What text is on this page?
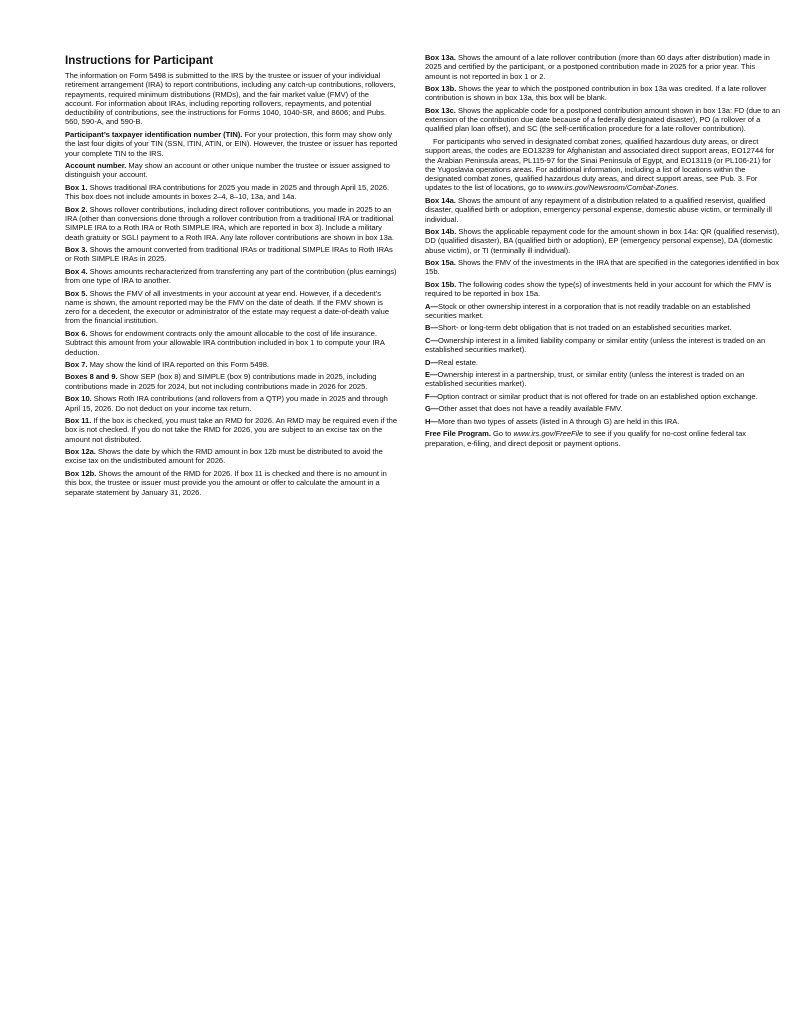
Instructions for Participant

The information on Form 5498 is submitted to the IRS by the trustee or issuer of your individual retirement arrangement (IRA) to report contributions, including any catch-up contributions, rollovers, repayments, required minimum distributions (RMDs), and the fair market value (FMV) of the account. For information about IRAs, including reporting rollovers, repayments, and potential deductibility of contributions, see the instructions for Forms 1040, 1040-SR, and 8606; and Pubs. 560, 590-A, and 590-B.

Participant’s taxpayer identification number (TIN). For your protection, this form may show only the last four digits of your TIN (SSN, ITIN, ATIN, or EIN). However, the trustee or issuer has reported your complete TIN to the IRS.

Account number. May show an account or other unique number the trustee or issuer assigned to distinguish your account.

Box 1. Shows traditional IRA contributions for 2025 you made in 2025 and through April 15, 2026. This box does not include amounts in boxes 2–4, 8–10, 13a, and 14a.

Box 2. Shows rollover contributions, including direct rollover contributions, you made in 2025 to an IRA (other than conversions done through a rollover contribution from a traditional IRA or traditional SIMPLE IRA to a Roth IRA or Roth SIMPLE IRA, which are reported in box 3). Include a military death gratuity or SGLI payment to a Roth IRA. Any late rollover contributions are shown in box 13a.

Box 3. Shows the amount converted from traditional IRAs or traditional SIMPLE IRAs to Roth IRAs or Roth SIMPLE IRAs in 2025.

Box 4. Shows amounts recharacterized from transferring any part of the contribution (plus earnings) from one type of IRA to another.

Box 5. Shows the FMV of all investments in your account at year end. However, if a decedent’s name is shown, the amount reported may be the FMV on the date of death. If the FMV shown is zero for a decedent, the executor or administrator of the estate may request a date-of-death value from the financial institution.

Box 6. Shows for endowment contracts only the amount allocable to the cost of life insurance. Subtract this amount from your allowable IRA contribution included in box 1 to compute your IRA deduction.

Box 7. May show the kind of IRA reported on this Form 5498.

Boxes 8 and 9. Show SEP (box 8) and SIMPLE (box 9) contributions made in 2025, including contributions made in 2025 for 2024, but not including contributions made in 2026 for 2025.

Box 10. Shows Roth IRA contributions (and rollovers from a QTP) you made in 2025 and through April 15, 2026. Do not deduct on your income tax return.

Box 11. If the box is checked, you must take an RMD for 2026. An RMD may be required even if the box is not checked. If you do not take the RMD for 2026, you are subject to an excise tax on the amount not distributed.

Box 12a. Shows the date by which the RMD amount in box 12b must be distributed to avoid the excise tax on the undistributed amount for 2026.

Box 12b. Shows the amount of the RMD for 2026. If box 11 is checked and there is no amount in this box, the trustee or issuer must provide you the amount or offer to calculate the amount in a separate statement by January 31, 2026.

Box 13a. Shows the amount of a late rollover contribution (more than 60 days after distribution) made in 2025 and certified by the participant, or a postponed contribution made in 2025 for a prior year. This amount is not reported in box 1 or 2.

Box 13b. Shows the year to which the postponed contribution in box 13a was credited. If a late rollover contribution is shown in box 13a, this box will be blank.

Box 13c. Shows the applicable code for a postponed contribution amount shown in box 13a: FD (due to an extension of the contribution due date because of a federally designated disaster), PO (a rollover of a qualified plan loan offset), and SC (the self-certification procedure for a late rollover contribution).

For participants who served in designated combat zones, qualified hazardous duty areas, or direct support areas, the codes are EO13239 for Afghanistan and associated direct support areas, EO12744 for the Arabian Peninsula areas, PL115-97 for the Sinai Peninsula of Egypt, and EO13119 (or PL106-21) for the Yugoslavia operations areas. For additional information, including a list of locations within the designated combat zones, qualified hazardous duty areas, and direct support areas, see Pub. 3. For updates to the list of locations, go to www.irs.gov/Newsroom/Combat-Zones.

Box 14a. Shows the amount of any repayment of a distribution related to a qualified reservist, qualified disaster, qualified birth or adoption, emergency personal expense, domestic abuse victim, or terminally ill individual.

Box 14b. Shows the applicable repayment code for the amount shown in box 14a: QR (qualified reservist), DD (qualified disaster), BA (qualified birth or adoption), EP (emergency personal expense), DA (domestic abuse victim), or TI (terminally ill individual).

Box 15a. Shows the FMV of the investments in the IRA that are specified in the categories identified in box 15b.

Box 15b. The following codes show the type(s) of investments held in your account for which the FMV is required to be reported in box 15a.

A—Stock or other ownership interest in a corporation that is not readily tradable on an established securities market.

B—Short- or long-term debt obligation that is not traded on an established securities market.

C—Ownership interest in a limited liability company or similar entity (unless the interest is traded on an established securities market).

D—Real estate.

E—Ownership interest in a partnership, trust, or similar entity (unless the interest is traded on an established securities market).

F—Option contract or similar product that is not offered for trade on an established option exchange.

G—Other asset that does not have a readily available FMV.

H—More than two types of assets (listed in A through G) are held in this IRA.

Free File Program. Go to www.irs.gov/FreeFile to see if you qualify for no-cost online federal tax preparation, e-filing, and direct deposit or payment options.
